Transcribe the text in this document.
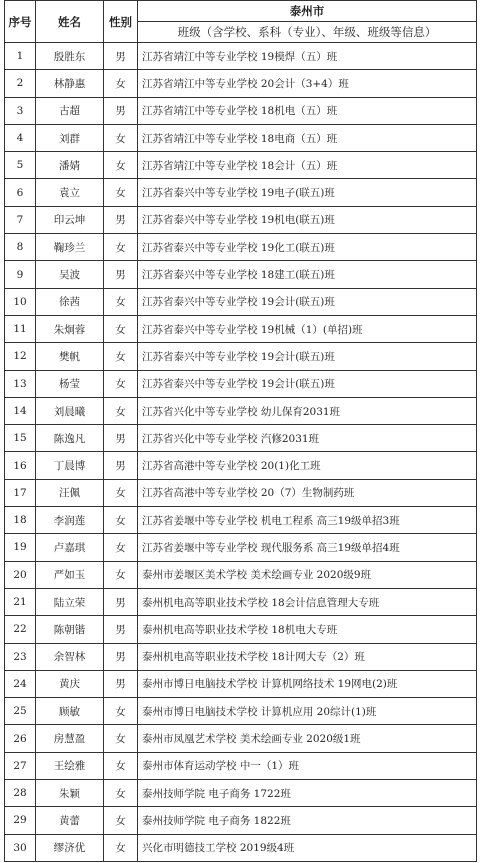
序号	姓名	性别	泰州市
			班级（含学校、系科（专业）、年级、班级等信息）
1	殷胜东	男	江苏省靖江中等专业学校 19模焊（五）班
2	林静惠	女	江苏省靖江中等专业学校 20会计（3+4）班
3	古超	男	江苏省靖江中等专业学校 18机电（五）班
4	刘群	女	江苏省靖江中等专业学校 18电商（五）班
5	潘婧	女	江苏省靖江中等专业学校 18会计（五）班
6	袁立	女	江苏省泰兴中等专业学校 19电子(联五)班
7	印云坤	男	江苏省泰兴中等专业学校 19机电(联五)班
8	鞠珍兰	女	江苏省泰兴中等专业学校 19化工(联五)班
9	吴波	男	江苏省泰兴中等专业学校 18建工(联五)班
10	徐茜	女	江苏省泰兴中等专业学校 19会计(联五)班
11	朱炯蓉	女	江苏省泰兴中等专业学校 19机械（1）(单招)班
12	樊帆	女	江苏省泰兴中等专业学校 19会计(联五)班
13	杨莹	女	江苏省泰兴中等专业学校 19会计(联五)班
14	刘晨曦	女	江苏省兴化中等专业学校 幼儿保育2031班
15	陈逸凡	男	江苏省兴化中等专业学校 汽修2031班
16	丁晨博	男	江苏省高港中等专业学校 20(1)化工班
17	汪佩	女	江苏省高港中等专业学校 20（7）生物制药班
18	李润莲	女	江苏省姜堰中等专业学校 机电工程系 高三19级单招3班
19	卢嘉琪	女	江苏省姜堰中等专业学校 现代服务系 高三19级单招4班
20	严如玉	女	泰州市姜堰区美术学校 美术绘画专业 2020级9班
21	陆立荣	男	泰州机电高等职业技术学校 18会计信息管理大专班
22	陈朝锴	男	泰州机电高等职业技术学校 18机电大专班
23	余智林	男	泰州机电高等职业技术学校 18计网大专（2）班
24	黄庆	男	泰州市博日电脑技术学校 计算机网络技术 19网电(2)班
25	顾敏	女	泰州市博日电脑技术学校 计算机应用 20综计(1)班
26	房慧盈	女	泰州市凤凰艺术学校 美术绘画专业 2020级1班
27	王绘雅	女	泰州市体育运动学校 中一（1）班
28	朱颖	女	泰州技师学院 电子商务 1722班
29	黄蕾	女	泰州技师学院 电子商务 1822班
30	缪济优	女	兴化市明德技工学校 2019级4班
